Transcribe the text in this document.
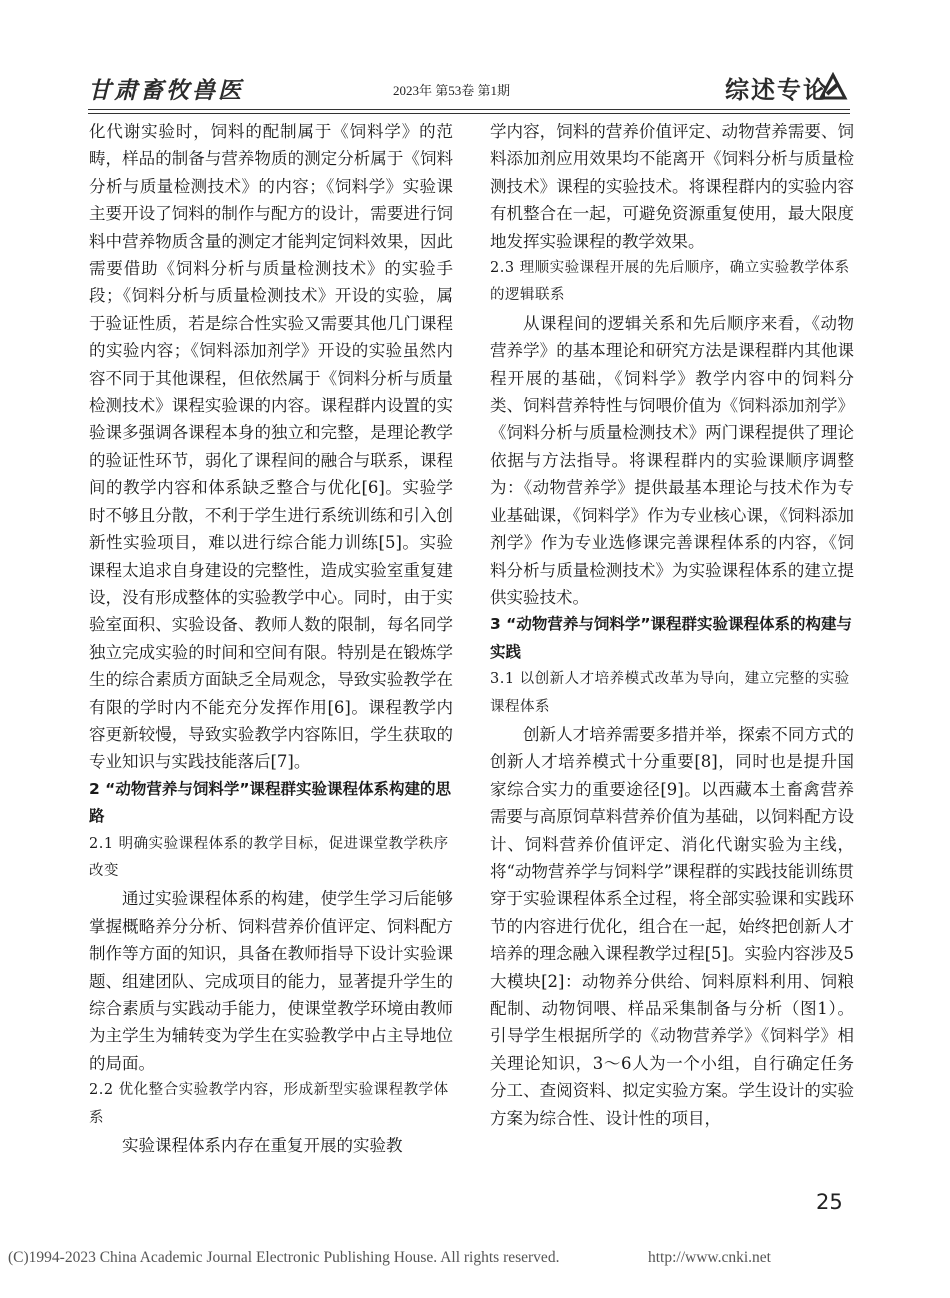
甘肃畜牧兽医	2023年 第53卷 第1期	综述专论

化代谢实验时，饲料的配制属于《饲料学》的范畴，样品的制备与营养物质的测定分析属于《饲料分析与质量检测技术》的内容；《饲料学》实验课主要开设了饲料的制作与配方的设计，需要进行饲料中营养物质含量的测定才能判定饲料效果，因此需要借助《饲料分析与质量检测技术》的实验手段；《饲料分析与质量检测技术》开设的实验，属于验证性质，若是综合性实验又需要其他几门课程的实验内容；《饲料添加剂学》开设的实验虽然内容不同于其他课程，但依然属于《饲料分析与质量检测技术》课程实验课的内容。课程群内设置的实验课多强调各课程本身的独立和完整，是理论教学的验证性环节，弱化了课程间的融合与联系，课程间的教学内容和体系缺乏整合与优化[6]。实验学时不够且分散，不利于学生进行系统训练和引入创新性实验项目，难以进行综合能力训练[5]。实验课程太追求自身建设的完整性，造成实验室重复建设，没有形成整体的实验教学中心。同时，由于实验室面积、实验设备、教师人数的限制，每名同学独立完成实验的时间和空间有限。特别是在锻炼学生的综合素质方面缺乏全局观念，导致实验教学在有限的学时内不能充分发挥作用[6]。课程教学内容更新较慢，导致实验教学内容陈旧，学生获取的专业知识与实践技能落后[7]。

2 “动物营养与饲料学”课程群实验课程体系构建的思路
2.1 明确实验课程体系的教学目标，促进课堂教学秩序改变

通过实验课程体系的构建，使学生学习后能够掌握概略养分分析、饲料营养价值评定、饲料配方制作等方面的知识，具备在教师指导下设计实验课题、组建团队、完成项目的能力，显著提升学生的综合素质与实践动手能力，使课堂教学环境由教师为主学生为辅转变为学生在实验教学中占主导地位的局面。

2.2 优化整合实验教学内容，形成新型实验课程教学体系

实验课程体系内存在重复开展的实验教

学内容，饲料的营养价值评定、动物营养需要、饲料添加剂应用效果均不能离开《饲料分析与质量检测技术》课程的实验技术。将课程群内的实验内容有机整合在一起，可避免资源重复使用，最大限度地发挥实验课程的教学效果。

2.3 理顺实验课程开展的先后顺序，确立实验教学体系的逻辑联系

从课程间的逻辑关系和先后顺序来看，《动物营养学》的基本理论和研究方法是课程群内其他课程开展的基础，《饲料学》教学内容中的饲料分类、饲料营养特性与饲喂价值为《饲料添加剂学》《饲料分析与质量检测技术》两门课程提供了理论依据与方法指导。将课程群内的实验课顺序调整为：《动物营养学》提供最基本理论与技术作为专业基础课，《饲料学》作为专业核心课，《饲料添加剂学》作为专业选修课完善课程体系的内容，《饲料分析与质量检测技术》为实验课程体系的建立提供实验技术。

3 “动物营养与饲料学”课程群实验课程体系的构建与实践
3.1 以创新人才培养模式改革为导向，建立完整的实验课程体系

创新人才培养需要多措并举，探索不同方式的创新人才培养模式十分重要[8]，同时也是提升国家综合实力的重要途径[9]。以西藏本土畜禽营养需要与高原饲草料营养价值为基础，以饲料配方设计、饲料营养价值评定、消化代谢实验为主线，将“动物营养学与饲料学”课程群的实践技能训练贯穿于实验课程体系全过程，将全部实验课和实践环节的内容进行优化，组合在一起，始终把创新人才培养的理念融入课程教学过程[5]。实验内容涉及5大模块[2]：动物养分供给、饲料原料利用、饲粮配制、动物饲喂、样品采集制备与分析（图1）。引导学生根据所学的《动物营养学》《饲料学》相关理论知识，3～6人为一个小组，自行确定任务分工、查阅资料、拟定实验方案。学生设计的实验方案为综合性、设计性的项目，

25
(C)1994-2023 China Academic Journal Electronic Publishing House. All rights reserved.	http://www.cnki.net
